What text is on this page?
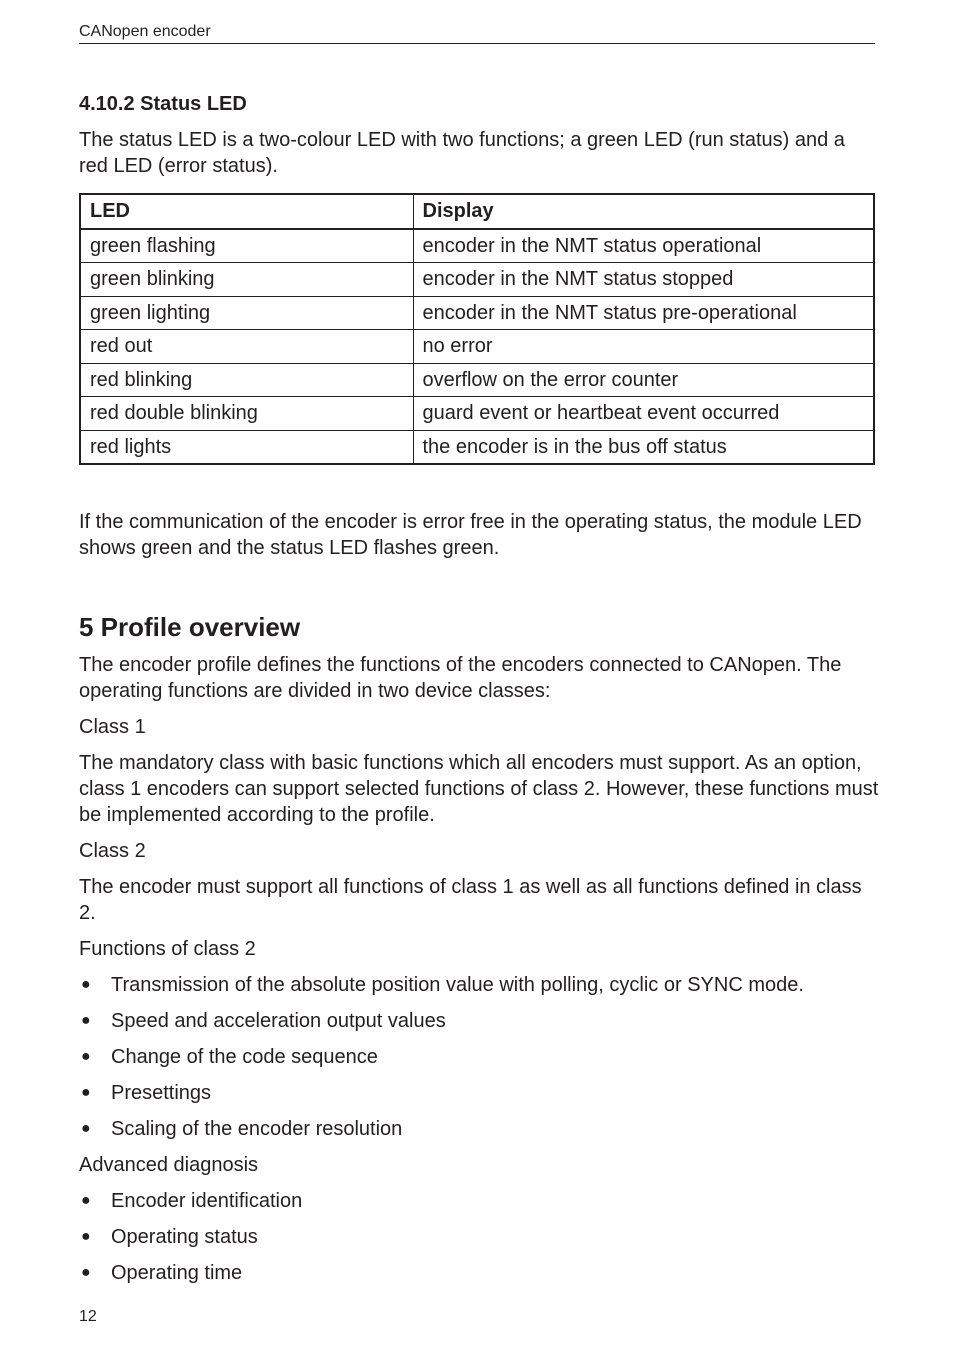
CANopen encoder
4.10.2 Status LED

The status LED is a two-colour LED with two functions; a green LED (run status) and a red LED (error status).

LED	Display
green flashing	encoder in the NMT status operational
green blinking	encoder in the NMT status stopped
green lighting	encoder in the NMT status pre-operational
red out	no error
red blinking	overflow on the error counter
red double blinking	guard event or heartbeat event occurred
red lights	the encoder is in the bus off status

If the communication of the encoder is error free in the operating status, the module LED shows green and the status LED flashes green.

5 Profile overview

The encoder profile defines the functions of the encoders connected to CANopen. The operating functions are divided in two device classes:

Class 1

The mandatory class with basic functions which all encoders must support. As an option, class 1 encoders can support selected functions of class 2. However, these functions must be implemented according to the profile.

Class 2

The encoder must support all functions of class 1 as well as all functions defined in class 2.

Functions of class 2

● Transmission of the absolute position value with polling, cyclic or SYNC mode.
● Speed and acceleration output values
● Change of the code sequence
● Presettings
● Scaling of the encoder resolution

Advanced diagnosis

● Encoder identification
● Operating status
● Operating time
12
